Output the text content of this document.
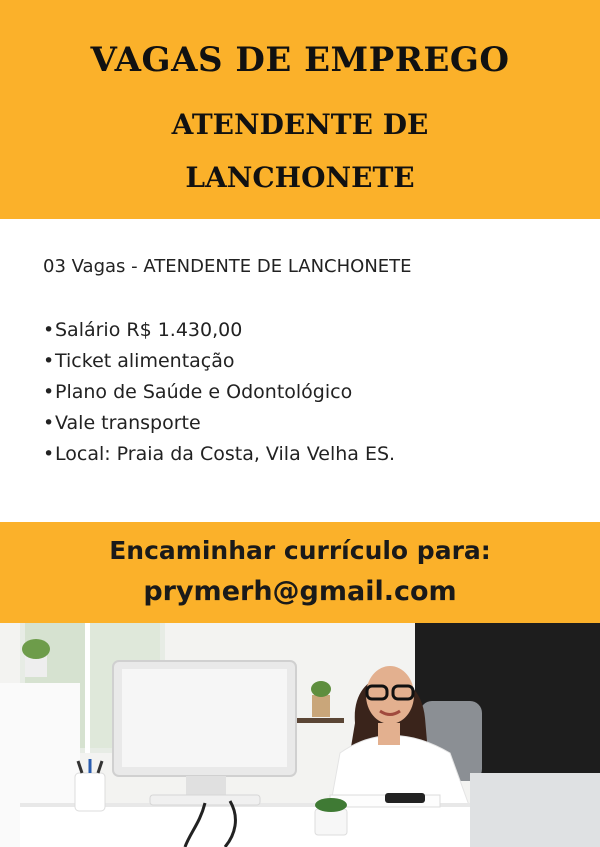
VAGAS DE EMPREGO
ATENDENTE DE
LANCHONETE
03 Vagas - ATENDENTE DE LANCHONETE
•Salário R$ 1.430,00
•Ticket alimentação
•Plano de Saúde e Odontológico
•Vale transporte
•Local: Praia da Costa, Vila Velha ES.
Encaminhar currículo para:
prymerh@gmail.com
